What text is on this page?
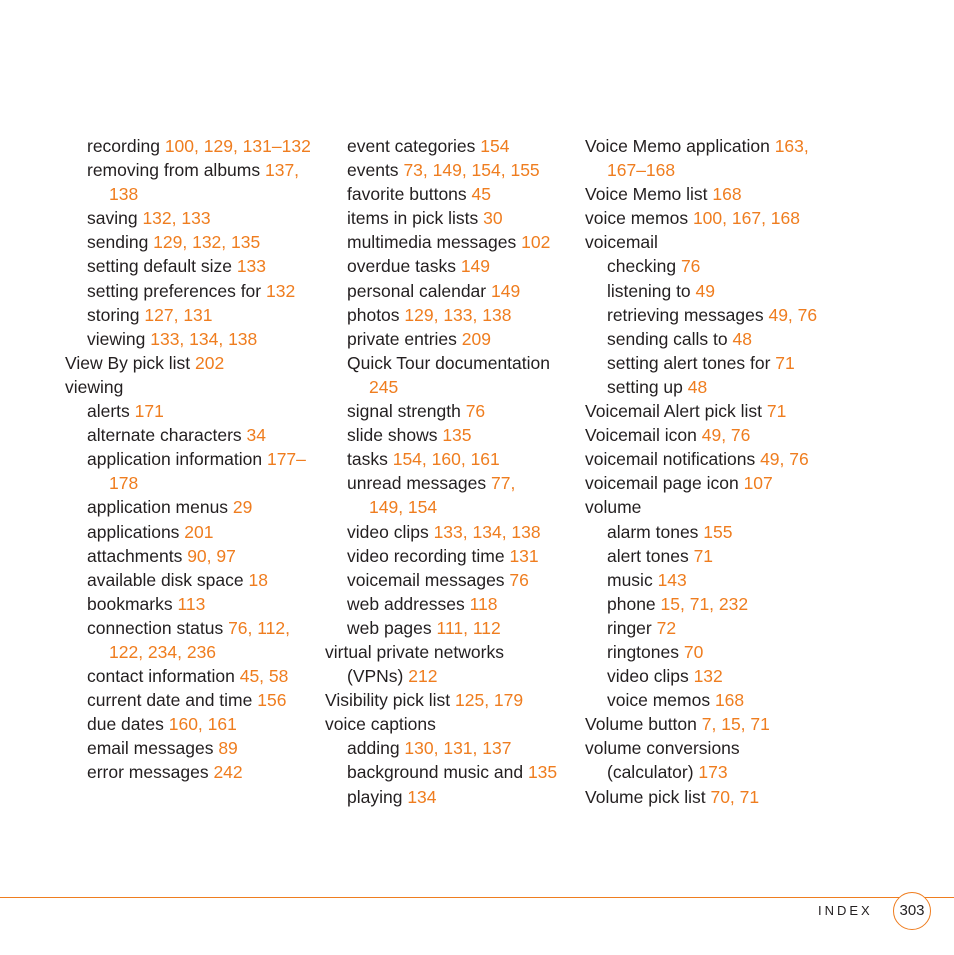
recording 100, 129, 131–132
removing from albums 137, 138
saving 132, 133
sending 129, 132, 135
setting default size 133
setting preferences for 132
storing 127, 131
viewing 133, 134, 138
View By pick list 202
viewing
alerts 171
alternate characters 34
application information 177–178
application menus 29
applications 201
attachments 90, 97
available disk space 18
bookmarks 113
connection status 76, 112, 122, 234, 236
contact information 45, 58
current date and time 156
due dates 160, 161
email messages 89
error messages 242
event categories 154
events 73, 149, 154, 155
favorite buttons 45
items in pick lists 30
multimedia messages 102
overdue tasks 149
personal calendar 149
photos 129, 133, 138
private entries 209
Quick Tour documentation 245
signal strength 76
slide shows 135
tasks 154, 160, 161
unread messages 77, 149, 154
video clips 133, 134, 138
video recording time 131
voicemail messages 76
web addresses 118
web pages 111, 112
virtual private networks (VPNs) 212
Visibility pick list 125, 179
voice captions
adding 130, 131, 137
background music and 135
playing 134
Voice Memo application 163, 167–168
Voice Memo list 168
voice memos 100, 167, 168
voicemail
checking 76
listening to 49
retrieving messages 49, 76
sending calls to 48
setting alert tones for 71
setting up 48
Voicemail Alert pick list 71
Voicemail icon 49, 76
voicemail notifications 49, 76
voicemail page icon 107
volume
alarm tones 155
alert tones 71
music 143
phone 15, 71, 232
ringer 72
ringtones 70
video clips 132
voice memos 168
Volume button 7, 15, 71
volume conversions (calculator) 173
Volume pick list 70, 71
INDEX	303
